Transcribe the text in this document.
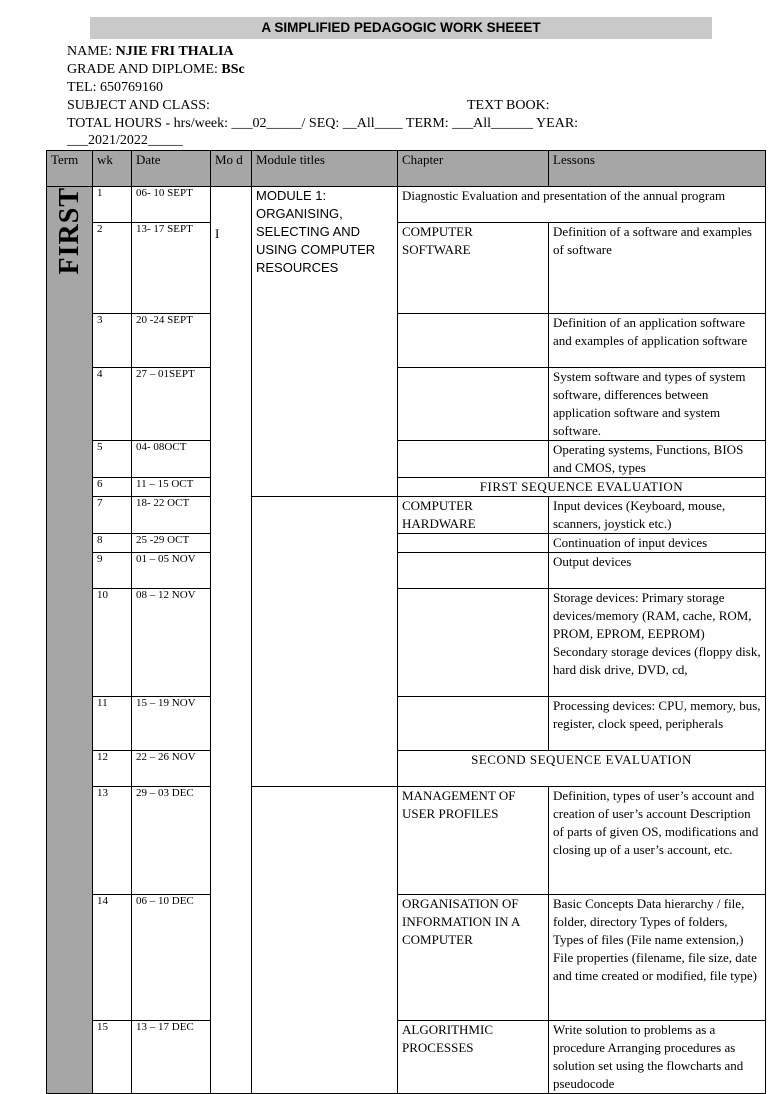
A SIMPLIFIED PEDAGOGIC WORK SHEEET
NAME: NJIE FRI THALIA
GRADE AND DIPLOME: BSc
TEL: 650769160
SUBJECT AND CLASS:	TEXT BOOK:
TOTAL HOURS - hrs/week: ___02_____/ SEQ: __All____ TERM: ___All______ YEAR:
___2021/2022_____
Term	wk	Date	Mo d	Module titles	Chapter	Lessons

FIRST	1	06- 10 SEPT	I	MODULE 1: ORGANISING, SELECTING AND USING COMPUTER RESOURCES	Diagnostic Evaluation and presentation of the annual program	
	2	13- 17 SEPT			COMPUTER SOFTWARE	Definition of a software and examples of software
	3	20 -24 SEPT				Definition of an application software and examples of application software
	4	27 – 01SEPT				System software and types of system software, differences between application software and system software.
	5	04- 08OCT				Operating systems, Functions, BIOS and CMOS, types
	6	11 – 15 OCT			FIRST SEQUENCE EVALUATION	
	7	18- 22 OCT			COMPUTER HARDWARE	Input devices (Keyboard, mouse, scanners, joystick etc.)
	8	25 -29 OCT				Continuation of input devices
	9	01 – 05 NOV				Output devices
	10	08 – 12 NOV				Storage devices: Primary storage devices/memory (RAM, cache, ROM, PROM, EPROM, EEPROM) Secondary storage devices (floppy disk, hard disk drive, DVD, cd,
	11	15 – 19 NOV				Processing devices: CPU, memory, bus, register, clock speed, peripherals
	12	22 – 26 NOV			SECOND SEQUENCE EVALUATION	
	13	29 – 03 DEC			MANAGEMENT OF USER PROFILES	Definition, types of user’s account and creation of user’s account Description of parts of given OS, modifications and closing up of a user’s account, etc.
	14	06 – 10 DEC			ORGANISATION OF INFORMATION IN A COMPUTER	Basic Concepts Data hierarchy / file, folder, directory Types of folders, Types of files (File name extension,) File properties (filename, file size, date and time created or modified, file type)
	15	13 – 17 DEC			ALGORITHMIC PROCESSES	Write solution to problems as a procedure Arranging procedures as solution set using the flowcharts and pseudocode
